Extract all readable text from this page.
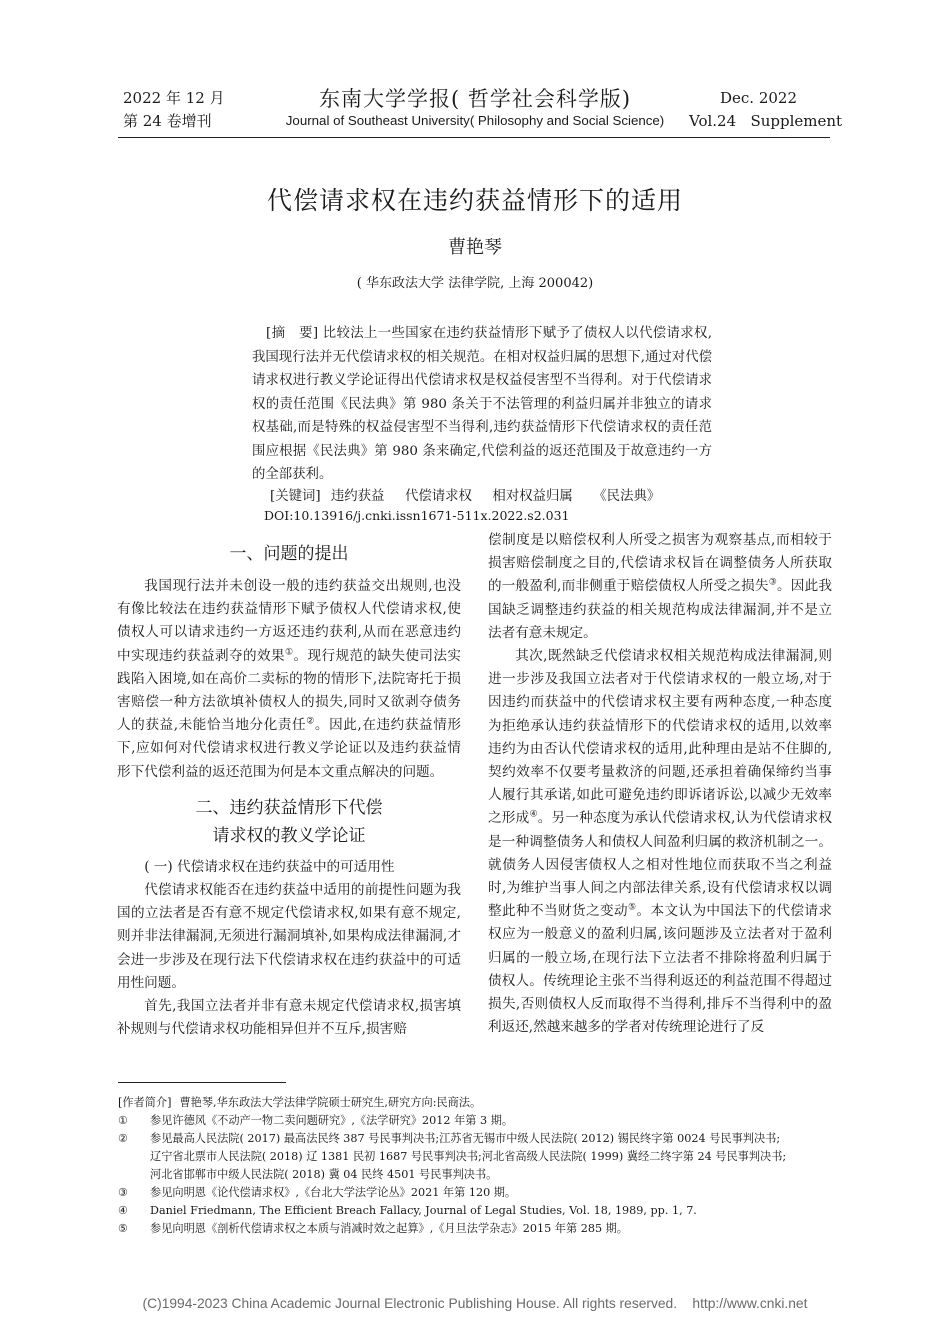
2022 年 12 月
第 24 卷增刊
东南大学学报( 哲学社会科学版)
Journal of Southeast University( Philosophy and Social Science)
Dec. 2022
Vol.24   Supplement
代偿请求权在违约获益情形下的适用
曹艳琴
( 华东政法大学 法律学院, 上海 200042)
[摘   要] 比较法上一些国家在违约获益情形下赋予了债权人以代偿请求权,我国现行法并无代偿请求权的相关规范。在相对权益归属的思想下,通过对代偿请求权进行教义学论证得出代偿请求权是权益侵害型不当得利。对于代偿请求权的责任范围《民法典》第 980 条关于不法管理的利益归属并非独立的请求权基础,而是特殊的权益侵害型不当得利,违约获益情形下代偿请求权的责任范围应根据《民法典》第 980 条来确定,代偿利益的返还范围及于故意违约一方的全部获利。
[关键词] 违约获益  代偿请求权  相对权益归属  《民法典》
DOI:10.13916/j.cnki.issn1671-511x.2022.s2.031
一、问题的提出

我国现行法并未创设一般的违约获益交出规则,也没有像比较法在违约获益情形下赋予债权人代偿请求权,使债权人可以请求违约一方返还违约获利,从而在恶意违约中实现违约获益剥夺的效果①。现行规范的缺失使司法实践陷入困境,如在高价二卖标的物的情形下,法院寄托于损害赔偿一种方法欲填补债权人的损失,同时又欲剥夺债务人的获益,未能恰当地分化责任②。因此,在违约获益情形下,应如何对代偿请求权进行教义学论证以及违约获益情形下代偿利益的返还范围为何是本文重点解决的问题。

二、违约获益情形下代偿
请求权的教义学论证

( 一) 代偿请求权在违约获益中的可适用性

代偿请求权能否在违约获益中适用的前提性问题为我国的立法者是否有意不规定代偿请求权,如果有意不规定,则并非法律漏洞,无须进行漏洞填补,如果构成法律漏洞,才会进一步涉及在现行法下代偿请求权在违约获益中的可适用性问题。

首先,我国立法者并非有意未规定代偿请求权,损害填补规则与代偿请求权功能相异但并不互斥,损害赔

偿制度是以赔偿权利人所受之损害为观察基点,而相较于损害赔偿制度之目的,代偿请求权旨在调整债务人所获取的一般盈利,而非侧重于赔偿债权人所受之损失③。因此我国缺乏调整违约获益的相关规范构成法律漏洞,并不是立法者有意未规定。

其次,既然缺乏代偿请求权相关规范构成法律漏洞,则进一步涉及我国立法者对于代偿请求权的一般立场,对于因违约而获益中的代偿请求权主要有两种态度,一种态度为拒绝承认违约获益情形下的代偿请求权的适用,以效率违约为由否认代偿请求权的适用,此种理由是站不住脚的,契约效率不仅要考量救济的问题,还承担着确保缔约当事人履行其承诺,如此可避免违约即诉诸诉讼,以减少无效率之形成④。另一种态度为承认代偿请求权,认为代偿请求权是一种调整债务人和债权人间盈利归属的救济机制之一。就债务人因侵害债权人之相对性地位而获取不当之利益时,为维护当事人间之内部法律关系,设有代偿请求权以调整此种不当财货之变动⑤。本文认为中国法下的代偿请求权应为一般意义的盈利归属,该问题涉及立法者对于盈利归属的一般立场,在现行法下立法者不排除将盈利归属于债权人。传统理论主张不当得利返还的利益范围不得超过损失,否则债权人反而取得不当得利,排斥不当得利中的盈利返还,然越来越多的学者对传统理论进行了反

[作者简介] 曹艳琴,华东政法大学法律学院硕士研究生,研究方向:民商法。
①	参见许德风《不动产一物二卖问题研究》,《法学研究》2012 年第 3 期。
②	参见最高人民法院( 2017) 最高法民终 387 号民事判决书;江苏省无锡市中级人民法院( 2012) 锡民终字第 0024 号民事判决书;
辽宁省北票市人民法院( 2018) 辽 1381 民初 1687 号民事判决书;河北省高级人民法院( 1999) 冀经二终字第 24 号民事判决书;
河北省邯郸市中级人民法院( 2018) 冀 04 民终 4501 号民事判决书。
③	参见向明恩《论代偿请求权》,《台北大学法学论丛》2021 年第 120 期。
④	Daniel Friedmann, The Efficient Breach Fallacy, Journal of Legal Studies, Vol. 18, 1989, pp. 1, 7.
⑤	参见向明恩《剖析代偿请求权之本质与消减时效之起算》,《月旦法学杂志》2015 年第 285 期。
(C)1994-2023 China Academic Journal Electronic Publishing House. All rights reserved.    http://www.cnki.net
